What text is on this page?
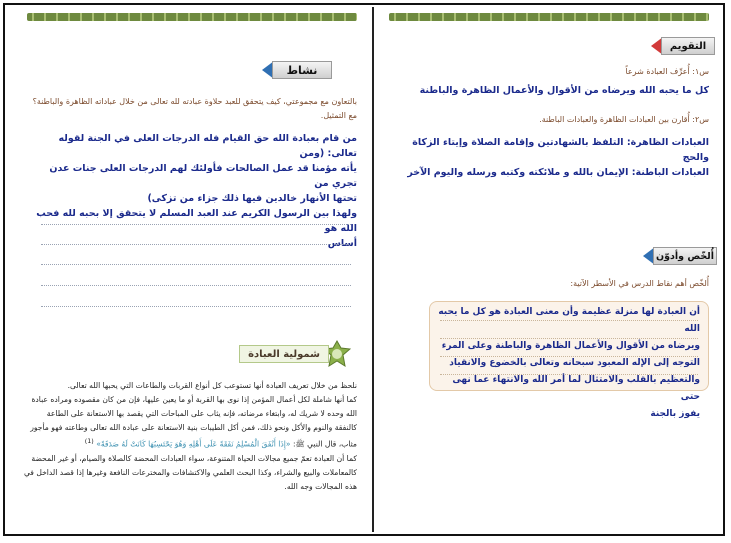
نشاط
بالتعاون مع مجموعتي، كيف يتحقق للعبد حلاوة عبادته لله تعالى من خلال عباداته الظاهرة والباطنة؟ مع التمثيل.
من قام بعبادة الله حق القيام فله الدرجات العلى في الجنة لقوله تعالى: (ومن
يأته مؤمنا قد عمل الصالحات فأولئك لهم الدرجات العلى جنات عدن تجري من
تحتها الأنهار خالدين فيها ذلك جزاء من تزكى)
ولهذا بين الرسول الكريم عند العبد المسلم لا يتحقق إلا بحبه لله فحب الله هو
أساس
شمولية العبادة
نلحظ من خلال تعريف العبادة أنها تستوعب كل أنواع القربات والطاعات التي يحبها الله تعالى.
كما أنها شاملة لكل أعمال المؤمن إذا نوى بها القربة أو ما يعين عليها، فإن من كان مقصوده ومراده عبادة الله وحده لا شريك له، وابتغاء مرضاته، فإنه يثاب على المباحات التي يقصد بها الاستعانة على الطاعة كالنفقة والنوم والأكل ونحو ذلك، فمن أكل الطيبات بنية الاستعانة على عبادة الله تعالى وطاعته فهو مأجور مثاب، قال النبي ﷺ: «إِذَا أَنْفَقَ الْمُسْلِمُ نَفَقَةً عَلَى أَهْلِهِ وَهُوَ يَحْتَسِبُهَا كَانَتْ لَهُ صَدَقَةً» $^{(1)}$
كما أن العبادة تعمّ جميع مجالات الحياة المتنوعة، سواء العبادات المحضة كالصلاة والصيام، أو غير المحضة كالمعاملات والبيع والشراء، وكذا البحث العلمي والاكتشافات والمخترعات النافعة وغيرها إذا قصد الداخل في هذه المجالات وجه الله.
التقويم
س١: أُعرِّف العبادة شرعاً
كل ما يحبه الله ويرضاه من الأقوال والأعمال الظاهرة والباطنة
س٢: أُقارن بين العبادات الظاهرة والعبادات الباطنة.
العبادات الظاهرة: التلفظ بالشهادتين وإقامة الصلاة وإيتاء الزكاة والحج
العبادات الباطنة: الإيمان بالله و ملائكته وكتبه ورسله واليوم الآخر
أُلخّص وأدوّن
أُلخّص أهم نقاط الدرس في الأسطر الآتية:
أن العبادة لها منزلة عظيمة وأن معنى العبادة هو كل ما يحبه الله
ويرضاه من الأقوال والأعمال الظاهرة والباطنة وعلى المرء
التوجه إلى الإله المعبود سبحانه وتعالى بالخضوع والانقياد
والتعظيم بالقلب والامتثال لما أمر الله والانتهاء عما نهى حتى
يفوز بالجنة
